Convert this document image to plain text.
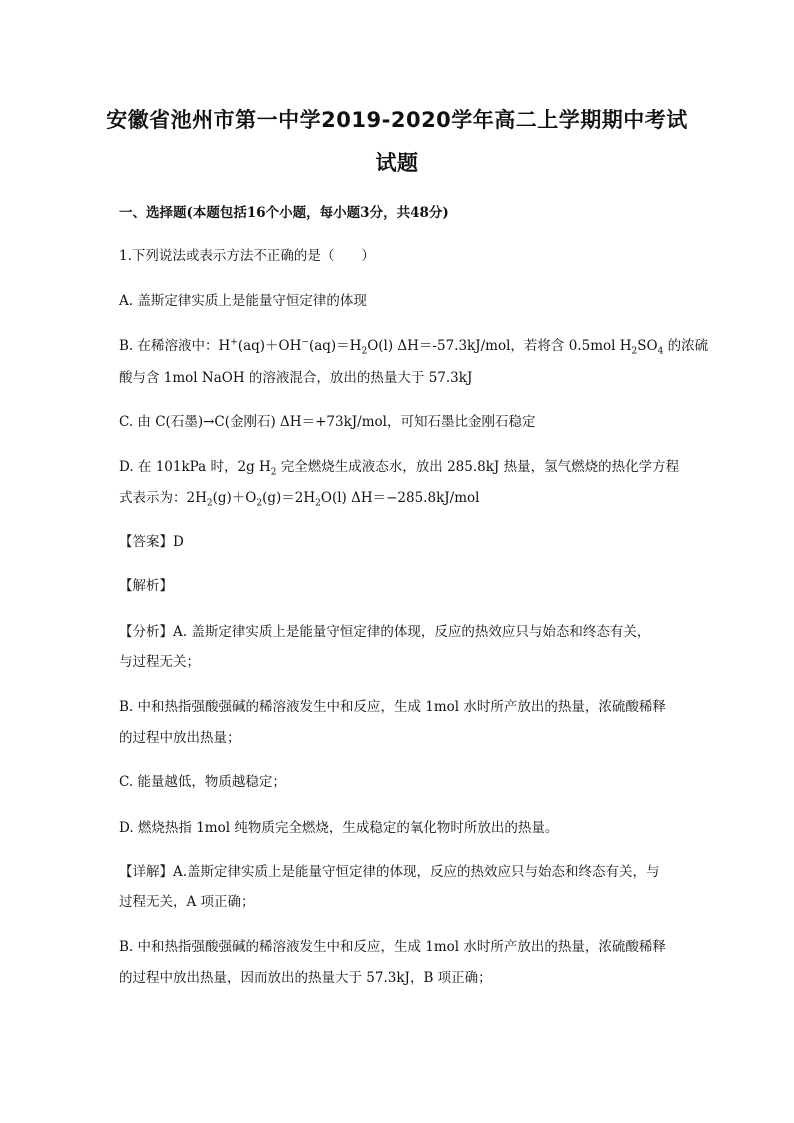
安徽省池州市第一中学2019-2020学年高二上学期期中考试
试题
一、选择题(本题包括16个小题，每小题3分，共48分)
1.下列说法或表示方法不正确的是（　　）
A. 盖斯定律实质上是能量守恒定律的体现
B. 在稀溶液中：$H^+(aq)+OH^-(aq)=H_2O(l)$ ΔH＝-57.3kJ/mol，若将含 0.5mol $H_2SO_4$ 的浓硫
酸与含 1mol NaOH 的溶液混合，放出的热量大于 57.3kJ
C. 由 C(石墨)→C(金刚石) ΔH＝+73kJ/mol，可知石墨比金刚石稳定
D. 在 101kPa 时，2g $H_2$ 完全燃烧生成液态水，放出 285.8kJ 热量，氢气燃烧的热化学方程
式表示为：$2H_2(g)+O_2(g)=2H_2O(l)$ ΔH＝−285.8kJ/mol
【答案】D
【解析】
【分析】A. 盖斯定律实质上是能量守恒定律的体现，反应的热效应只与始态和终态有关，
与过程无关；
B. 中和热指强酸强碱的稀溶液发生中和反应，生成 1mol 水时所产放出的热量，浓硫酸稀释
的过程中放出热量；
C. 能量越低，物质越稳定；
D. 燃烧热指 1mol 纯物质完全燃烧，生成稳定的氧化物时所放出的热量。
【详解】A.盖斯定律实质上是能量守恒定律的体现，反应的热效应只与始态和终态有关，与
过程无关，A 项正确；
B. 中和热指强酸强碱的稀溶液发生中和反应，生成 1mol 水时所产放出的热量，浓硫酸稀释
的过程中放出热量，因而放出的热量大于 57.3kJ，B 项正确；
